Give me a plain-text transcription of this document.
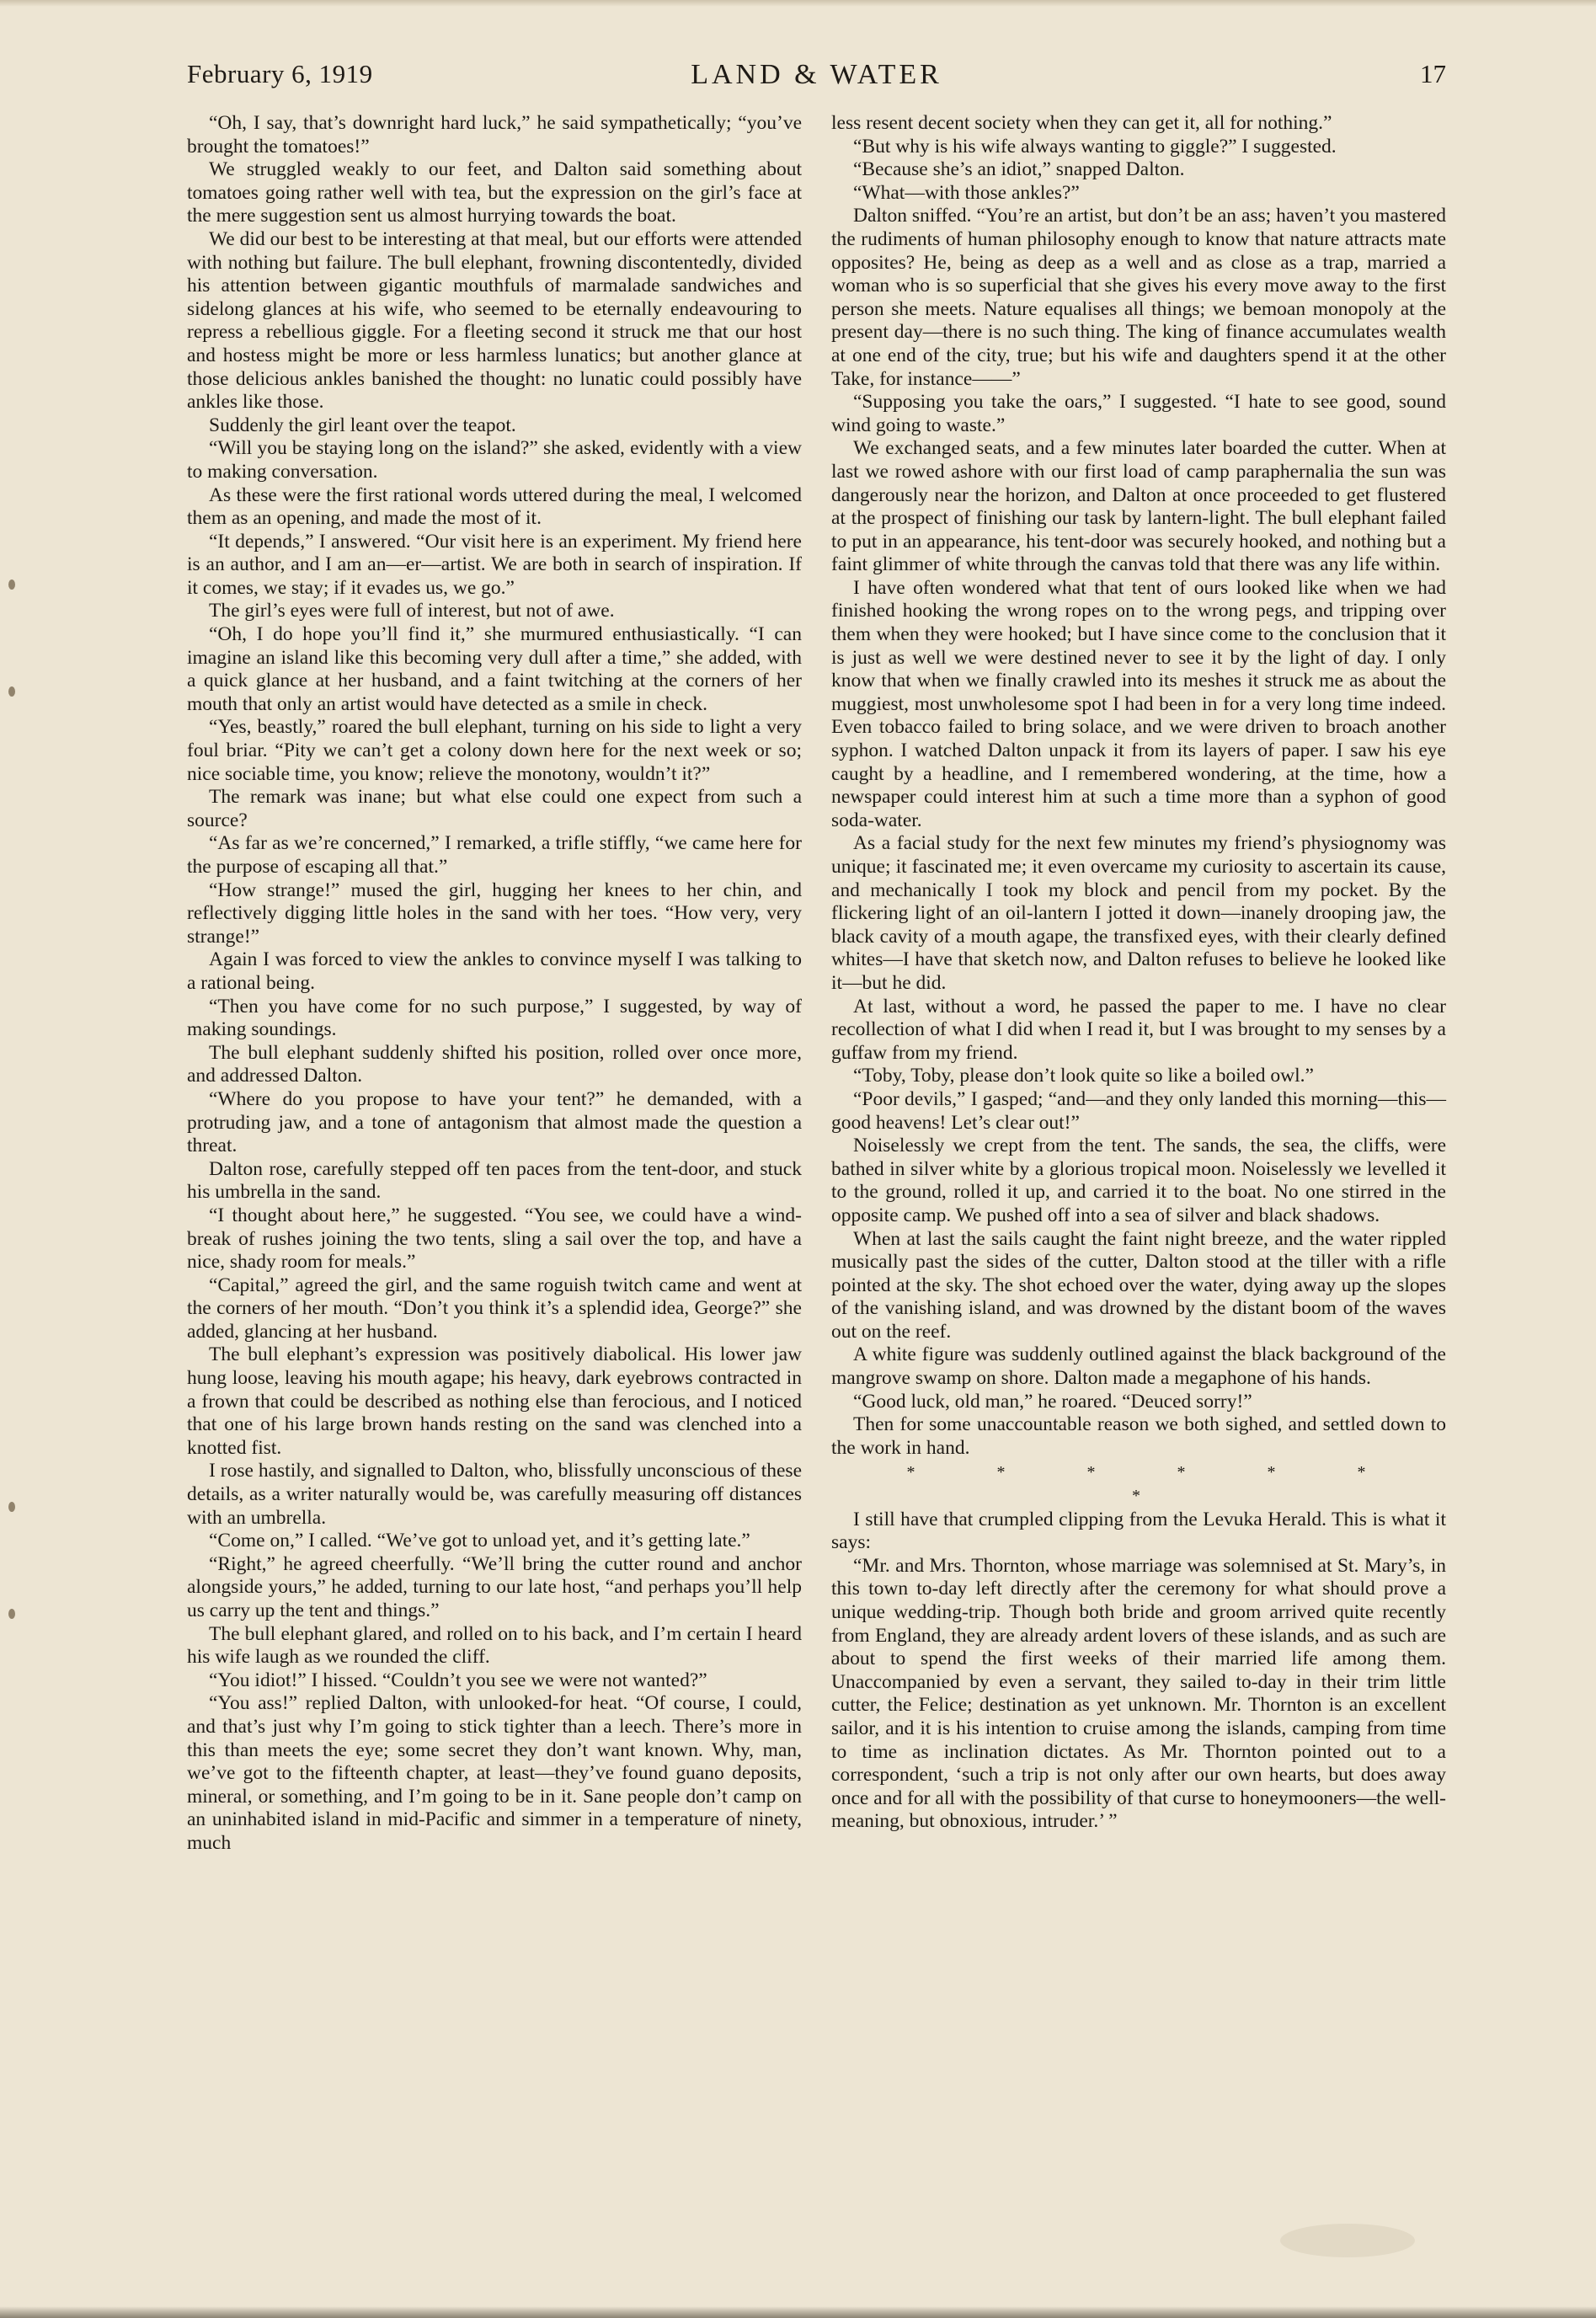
February 6, 1919	LAND & WATER	17

“Oh, I say, that’s downright hard luck,” he said sympathetically; “you’ve brought the tomatoes!”

We struggled weakly to our feet, and Dalton said something about tomatoes going rather well with tea, but the expression on the girl’s face at the mere suggestion sent us almost hurrying towards the boat.

We did our best to be interesting at that meal, but our efforts were attended with nothing but failure. The bull elephant, frowning discontentedly, divided his attention between gigantic mouthfuls of marmalade sandwiches and sidelong glances at his wife, who seemed to be eternally endeavouring to repress a rebellious giggle. For a fleeting second it struck me that our host and hostess might be more or less harmless lunatics; but another glance at those delicious ankles banished the thought: no lunatic could possibly have ankles like those.

Suddenly the girl leant over the teapot.

“Will you be staying long on the island?” she asked, evidently with a view to making conversation.

As these were the first rational words uttered during the meal, I welcomed them as an opening, and made the most of it.

“It depends,” I answered. “Our visit here is an experiment. My friend here is an author, and I am an—er—artist. We are both in search of inspiration. If it comes, we stay; if it evades us, we go.”

The girl’s eyes were full of interest, but not of awe.

“Oh, I do hope you’ll find it,” she murmured enthusiastically. “I can imagine an island like this becoming very dull after a time,” she added, with a quick glance at her husband, and a faint twitching at the corners of her mouth that only an artist would have detected as a smile in check.

“Yes, beastly,” roared the bull elephant, turning on his side to light a very foul briar. “Pity we can’t get a colony down here for the next week or so; nice sociable time, you know; relieve the monotony, wouldn’t it?”

The remark was inane; but what else could one expect from such a source?

“As far as we’re concerned,” I remarked, a trifle stiffly, “we came here for the purpose of escaping all that.”

“How strange!” mused the girl, hugging her knees to her chin, and reflectively digging little holes in the sand with her toes. “How very, very strange!”

Again I was forced to view the ankles to convince myself I was talking to a rational being.

“Then you have come for no such purpose,” I suggested, by way of making soundings.

The bull elephant suddenly shifted his position, rolled over once more, and addressed Dalton.

“Where do you propose to have your tent?” he demanded, with a protruding jaw, and a tone of antagonism that almost made the question a threat.

Dalton rose, carefully stepped off ten paces from the tent-door, and stuck his umbrella in the sand.

“I thought about here,” he suggested. “You see, we could have a wind-break of rushes joining the two tents, sling a sail over the top, and have a nice, shady room for meals.”

“Capital,” agreed the girl, and the same roguish twitch came and went at the corners of her mouth. “Don’t you think it’s a splendid idea, George?” she added, glancing at her husband.

The bull elephant’s expression was positively diabolical. His lower jaw hung loose, leaving his mouth agape; his heavy, dark eyebrows contracted in a frown that could be described as nothing else than ferocious, and I noticed that one of his large brown hands resting on the sand was clenched into a knotted fist.

I rose hastily, and signalled to Dalton, who, blissfully unconscious of these details, as a writer naturally would be, was carefully measuring off distances with an umbrella.

“Come on,” I called. “We’ve got to unload yet, and it’s getting late.”

“Right,” he agreed cheerfully. “We’ll bring the cutter round and anchor alongside yours,” he added, turning to our late host, “and perhaps you’ll help us carry up the tent and things.”

The bull elephant glared, and rolled on to his back, and I’m certain I heard his wife laugh as we rounded the cliff.

“You idiot!” I hissed. “Couldn’t you see we were not wanted?”

“You ass!” replied Dalton, with unlooked-for heat. “Of course, I could, and that’s just why I’m going to stick tighter than a leech. There’s more in this than meets the eye; some secret they don’t want known. Why, man, we’ve got to the fifteenth chapter, at least—they’ve found guano deposits, mineral, or something, and I’m going to be in it. Sane people don’t camp on an uninhabited island in mid-Pacific and simmer in a temperature of ninety, much

less resent decent society when they can get it, all for nothing.”

“But why is his wife always wanting to giggle?” I suggested.

“Because she’s an idiot,” snapped Dalton.

“What—with those ankles?”

Dalton sniffed. “You’re an artist, but don’t be an ass; haven’t you mastered the rudiments of human philosophy enough to know that nature attracts mate opposites? He, being as deep as a well and as close as a trap, married a woman who is so superficial that she gives his every move away to the first person she meets. Nature equalises all things; we bemoan monopoly at the present day—there is no such thing. The king of finance accumulates wealth at one end of the city, true; but his wife and daughters spend it at the other Take, for instance——”

“Supposing you take the oars,” I suggested. “I hate to see good, sound wind going to waste.”

We exchanged seats, and a few minutes later boarded the cutter. When at last we rowed ashore with our first load of camp paraphernalia the sun was dangerously near the horizon, and Dalton at once proceeded to get flustered at the prospect of finishing our task by lantern-light. The bull elephant failed to put in an appearance, his tent-door was securely hooked, and nothing but a faint glimmer of white through the canvas told that there was any life within.

I have often wondered what that tent of ours looked like when we had finished hooking the wrong ropes on to the wrong pegs, and tripping over them when they were hooked; but I have since come to the conclusion that it is just as well we were destined never to see it by the light of day. I only know that when we finally crawled into its meshes it struck me as about the muggiest, most unwholesome spot I had been in for a very long time indeed. Even tobacco failed to bring solace, and we were driven to broach another syphon. I watched Dalton unpack it from its layers of paper. I saw his eye caught by a headline, and I remembered wondering, at the time, how a newspaper could interest him at such a time more than a syphon of good soda-water.

As a facial study for the next few minutes my friend’s physiognomy was unique; it fascinated me; it even overcame my curiosity to ascertain its cause, and mechanically I took my block and pencil from my pocket. By the flickering light of an oil-lantern I jotted it down—inanely drooping jaw, the black cavity of a mouth agape, the transfixed eyes, with their clearly defined whites—I have that sketch now, and Dalton refuses to believe he looked like it—but he did.

At last, without a word, he passed the paper to me. I have no clear recollection of what I did when I read it, but I was brought to my senses by a guffaw from my friend.

“Toby, Toby, please don’t look quite so like a boiled owl.”

“Poor devils,” I gasped; “and—and they only landed this morning—this—good heavens! Let’s clear out!”

Noiselessly we crept from the tent. The sands, the sea, the cliffs, were bathed in silver white by a glorious tropical moon. Noiselessly we levelled it to the ground, rolled it up, and carried it to the boat. No one stirred in the opposite camp. We pushed off into a sea of silver and black shadows.

When at last the sails caught the faint night breeze, and the water rippled musically past the sides of the cutter, Dalton stood at the tiller with a rifle pointed at the sky. The shot echoed over the water, dying away up the slopes of the vanishing island, and was drowned by the distant boom of the waves out on the reef.

A white figure was suddenly outlined against the black background of the mangrove swamp on shore. Dalton made a megaphone of his hands.

“Good luck, old man,” he roared. “Deuced sorry!”

Then for some unaccountable reason we both sighed, and settled down to the work in hand.

* * * * * * *

I still have that crumpled clipping from the Levuka Herald. This is what it says:

“Mr. and Mrs. Thornton, whose marriage was solemnised at St. Mary’s, in this town to-day left directly after the ceremony for what should prove a unique wedding-trip. Though both bride and groom arrived quite recently from England, they are already ardent lovers of these islands, and as such are about to spend the first weeks of their married life among them. Unaccompanied by even a servant, they sailed to-day in their trim little cutter, the Felice; destination as yet unknown. Mr. Thornton is an excellent sailor, and it is his intention to cruise among the islands, camping from time to time as inclination dictates. As Mr. Thornton pointed out to a correspondent, ‘such a trip is not only after our own hearts, but does away once and for all with the possibility of that curse to honeymooners—the well-meaning, but obnoxious, intruder.’ ”
